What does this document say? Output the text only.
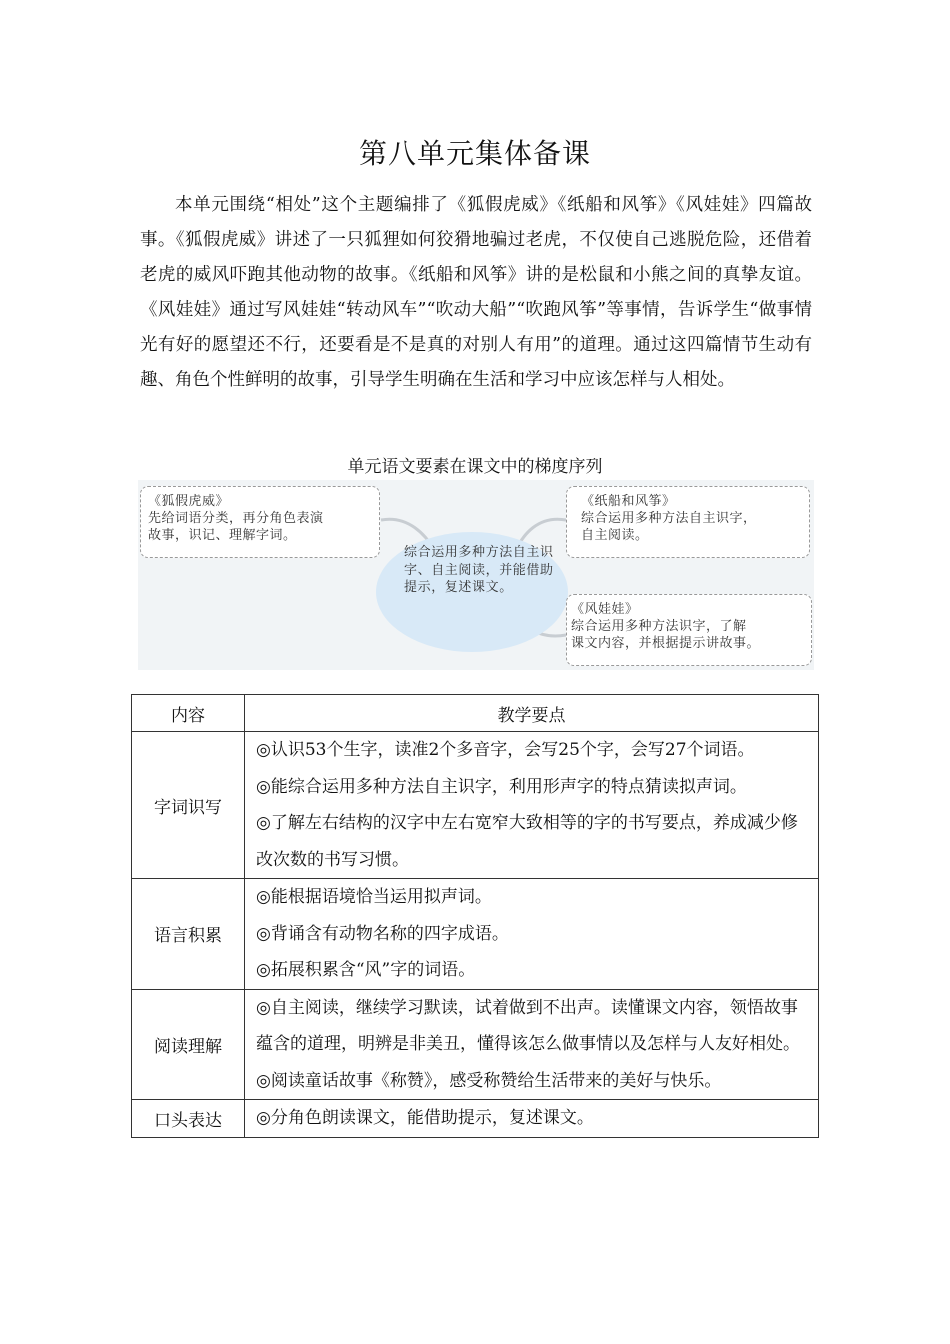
第八单元集体备课

本单元围绕“相处”这个主题编排了《狐假虎威》《纸船和风筝》《风娃娃》四篇故事。《狐假虎威》讲述了一只狐狸如何狡猾地骗过老虎，不仅使自己逃脱危险，还借着老虎的威风吓跑其他动物的故事。《纸船和风筝》讲的是松鼠和小熊之间的真挚友谊。《风娃娃》通过写风娃娃“转动风车”“吹动大船”“吹跑风筝”等事情，告诉学生“做事情光有好的愿望还不行，还要看是不是真的对别人有用”的道理。通过这四篇情节生动有趣、角色个性鲜明的故事，引导学生明确在生活和学习中应该怎样与人相处。

单元语文要素在课文中的梯度序列

综合运用多种方法自主识字、自主阅读，并能借助提示，复述课文。
《狐假虎威》
先给词语分类，再分角色表演
故事，识记、理解字词。
《纸船和风筝》
综合运用多种方法自主识字，
自主阅读。
《风娃娃》
综合运用多种方法识字，了解
课文内容，并根据提示讲故事。
内容	教学要点
字词识写	◎认识53个生字，读准2个多音字，会写25个字，会写27个词语。

◎能综合运用多种方法自主识字，利用形声字的特点猜读拟声词。

◎了解左右结构的汉字中左右宽窄大致相等的字的书写要点，养成减少修改次数的书写习惯。

语言积累	◎能根据语境恰当运用拟声词。

◎背诵含有动物名称的四字成语。

◎拓展积累含“风”字的词语。

阅读理解	◎自主阅读，继续学习默读，试着做到不出声。读懂课文内容，领悟故事蕴含的道理，明辨是非美丑，懂得该怎么做事情以及怎样与人友好相处。

◎阅读童话故事《称赞》，感受称赞给生活带来的美好与快乐。

口头表达	◎分角色朗读课文，能借助提示，复述课文。
